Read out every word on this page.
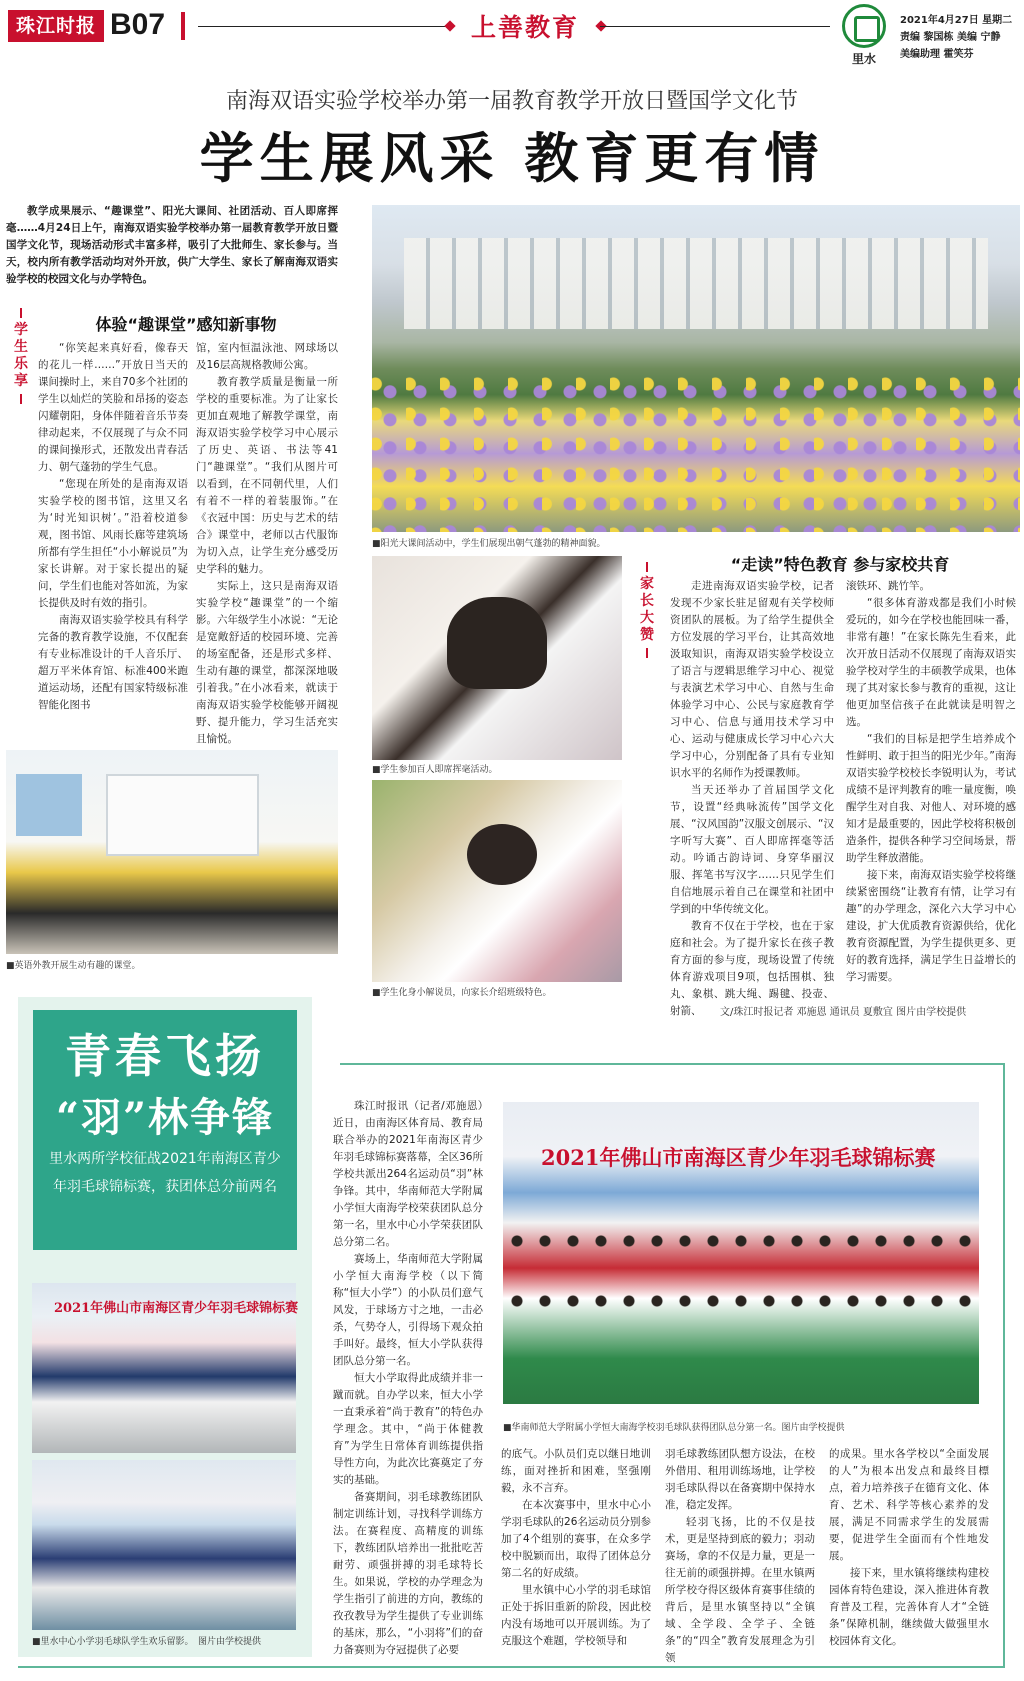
珠江时报 B07	上善教育
里水
2021年4月27日 星期二
责编 黎国栋 美编 宁静
美编助理 霍笑芬
南海双语实验学校举办第一届教育教学开放日暨国学文化节
学生展风采 教育更有情

教学成果展示、“趣课堂”、阳光大课间、社团活动、百人即席挥毫……4月24日上午，南海双语实验学校举办第一届教育教学开放日暨国学文化节，现场活动形式丰富多样，吸引了大批师生、家长参与。当天，校内所有教学活动均对外开放，供广大学生、家长了解南海双语实验学校的校园文化与办学特色。

学生乐享
体验“趣课堂”感知新事物

“你笑起来真好看，像春天的花儿一样……”开放日当天的课间操时上，来自70多个社团的学生以灿烂的笑脸和昂扬的姿态闪耀朝阳，身体伴随着音乐节奏律动起来，不仅展现了与众不同的课间操形式，还散发出青春活力、朝气蓬勃的学生气息。

“您现在所处的是南海双语实验学校的图书馆，这里又名为‘时光知识树’。”沿着校道参观，图书馆、风雨长廊等建筑场所都有学生担任“小小解说员”为家长讲解。对于家长提出的疑问，学生们也能对答如流，为家长提供及时有效的指引。

南海双语实验学校具有科学完备的教育教学设施，不仅配套有专业标准设计的千人音乐厅、超万平米体育馆、标准400米跑道运动场，还配有国家特级标准智能化图书

馆，室内恒温泳池、网球场以及16层高规格教师公寓。

教育教学质量是衡量一所学校的重要标准。为了让家长更加直观地了解教学课堂，南海双语实验学校学习中心展示了历史、英语、书法等41门“趣课堂”。“我们从图片可以看到，在不同朝代里，人们有着不一样的着装服饰。”在《衣冠中国：历史与艺术的结合》课堂中，老师以古代服饰为切入点，让学生充分感受历史学科的魅力。

实际上，这只是南海双语实验学校“趣课堂”的一个缩影。六年级学生小冰说：“无论是宽敞舒适的校园环境、完善的场室配备，还是形式多样、生动有趣的课堂，都深深地吸引着我。”在小冰看来，就读于南海双语实验学校能够开阔视野、提升能力，学习生活充实且愉悦。

■阳光大课间活动中，学生们展现出朝气蓬勃的精神面貌。
■学生参加百人即席挥毫活动。
■英语外教开展生动有趣的课堂。
■学生化身小解说员，向家长介绍班级特色。
家长大赞
“走读”特色教育 参与家校共育

走进南海双语实验学校，记者发现不少家长驻足留观有关学校师资团队的展板。为了给学生提供全方位发展的学习平台，让其高效地汲取知识，南海双语实验学校设立了语言与逻辑思维学习中心、视觉与表演艺术学习中心、自然与生命体验学习中心、公民与家庭教育学习中心、信息与通用技术学习中心、运动与健康成长学习中心六大学习中心，分别配备了具有专业知识水平的名师作为授课教师。

当天还举办了首届国学文化节，设置“经典咏流传”国学文化展、“汉风国韵”汉服文创展示、“汉字听写大赛”、百人即席挥毫等活动。吟诵古韵诗词、身穿华丽汉服、挥笔书写汉字……只见学生们自信地展示着自己在课堂和社团中学到的中华传统文化。

教育不仅在于学校，也在于家庭和社会。为了提升家长在孩子教育方面的参与度，现场设置了传统体育游戏项目9项，包括围棋、独丸、象棋、跳大绳、踢毽、投壶、射箭、

滚铁环、跳竹竿。

“很多体育游戏都是我们小时候爱玩的，如今在学校也能回味一番，非常有趣！”在家长陈先生看来，此次开放日活动不仅展现了南海双语实验学校对学生的丰硕教学成果，也体现了其对家长参与教育的重视，这让他更加坚信孩子在此就读是明智之选。

“我们的目标是把学生培养成个性鲜明、敢于担当的阳光少年。”南海双语实验学校校长李锐明认为，考试成绩不是评判教育的唯一量度衡，唤醒学生对自我、对他人、对环境的感知才是最重要的，因此学校将积极创造条件，提供各种学习空间场景，帮助学生释放潜能。

接下来，南海双语实验学校将继续紧密围绕“让教育有情，让学习有趣”的办学理念，深化六大学习中心建设，扩大优质教育资源供给，优化教育资源配置，为学生提供更多、更好的教育选择，满足学生日益增长的学习需要。

文/珠江时报记者 邓施恩 通讯员 夏敷宜 图片由学校提供
青春飞扬
“羽”林争锋
里水两所学校征战2021年南海区青少年羽毛球锦标赛，获团体总分前两名
2021年佛山市南海区青少年羽毛球锦标赛
■里水中心小学羽毛球队学生欢乐留影。　图片由学校提供

珠江时报讯（记者/邓施恩）近日，由南海区体育局、教育局联合举办的2021年南海区青少年羽毛球锦标赛落幕，全区36所学校共派出264名运动员“羽”林争锋。其中，华南师范大学附属小学恒大南海学校荣获团队总分第一名，里水中心小学荣获团队总分第二名。

赛场上，华南师范大学附属小学恒大南海学校（以下简称“恒大小学”）的小队员们意气风发，于球场方寸之地，一击必杀，气势夺人，引得场下观众拍手叫好。最终，恒大小学队获得团队总分第一名。

恒大小学取得此成绩并非一蹴而就。自办学以来，恒大小学一直秉承着“尚于教育”的特色办学理念。其中，“尚于体健教育”为学生日常体育训练提供指导性方向，为此次比赛奠定了夯实的基础。

备赛期间，羽毛球教练团队制定训练计划，寻找科学训练方法。在赛程度、高精度的训练下，教练团队培养出一批批吃苦耐劳、顽强拼搏的羽毛球特长生。如果说，学校的办学理念为学生指引了前进的方向，教练的孜孜教导为学生提供了专业训练的基床，那么，“小羽将”们的奋力备赛则为夺冠提供了必要

2021年佛山市南海区青少年羽毛球锦标赛
■华南师范大学附属小学恒大南海学校羽毛球队获得团队总分第一名。图片由学校提供

的底气。小队员们克以继日地训练，面对挫折和困难，坚强刚毅，永不言弃。

在本次赛事中，里水中心小学羽毛球队的26名运动员分别参加了4个组别的赛事，在众多学校中脱颖而出，取得了团体总分第二名的好成绩。

里水镇中心小学的羽毛球馆正处于拆旧重新的阶段，因此校内没有场地可以开展训练。为了克服这个难题，学校领导和

羽毛球教练团队想方设法，在校外借用、租用训练场地，让学校羽毛球队得以在备赛期中保持水准，稳定发挥。

轻羽飞扬，比的不仅是技术，更是坚持到底的毅力；羽动赛场，拿的不仅是力量，更是一往无前的顽强拼搏。在里水镇两所学校夺得区级体育赛事佳绩的背后，是里水镇坚持以“全镇域、全学段、全学子、全链条”的“四全”教育发展理念为引领

的成果。里水各学校以“全面发展的人”为根本出发点和最终目標点，着力培养孩子在德育文化、体育、艺术、科学等核心素养的发展，满足不同需求学生的发展需要，促进学生全面而有个性地发展。

接下来，里水镇将继续构建校园体育特色建设，深入推进体育教育普及工程，完善体育人才“全链条”保障机制，继续做大做强里水校园体育文化。
